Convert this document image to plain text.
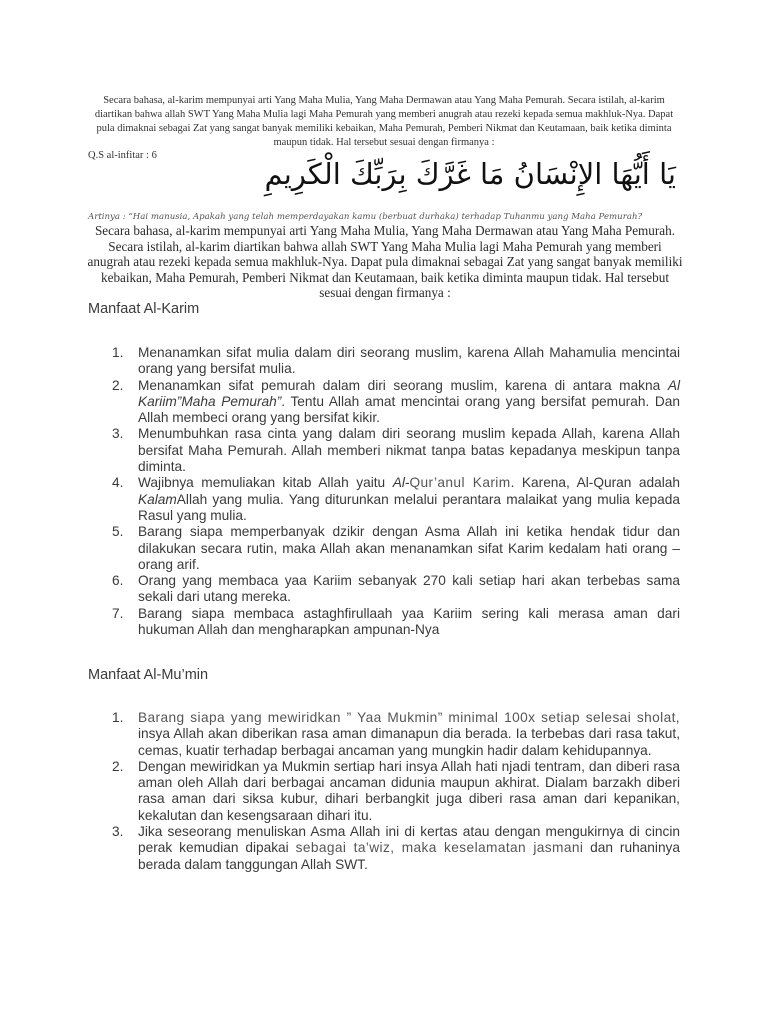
Secara bahasa, al-karim mempunyai arti Yang Maha Mulia, Yang Maha Dermawan atau Yang Maha Pemurah. Secara istilah, al-karim diartikan bahwa allah SWT Yang Maha Mulia lagi Maha Pemurah yang memberi anugrah atau rezeki kepada semua makhluk-Nya. Dapat pula dimaknai sebagai Zat yang sangat banyak memiliki kebaikan, Maha Pemurah, Pemberi Nikmat dan Keutamaan, baik ketika diminta maupun tidak. Hal tersebut sesuai dengan firmanya :
Q.S al-infitar : 6
يَا أَيُّهَا الإِنْسَانُ مَا غَرَّكَ بِرَبِّكَ الْكَرِيمِ
Artinya : “Hai manusia, Apakah yang telah memperdayakan kamu (berbuat durhaka) terhadap Tuhanmu yang Maha Pemurah?
Secara bahasa, al-karim mempunyai arti Yang Maha Mulia, Yang Maha Dermawan atau Yang Maha Pemurah. Secara istilah, al-karim diartikan bahwa allah SWT Yang Maha Mulia lagi Maha Pemurah yang memberi anugrah atau rezeki kepada semua makhluk-Nya. Dapat pula dimaknai sebagai Zat yang sangat banyak memiliki kebaikan, Maha Pemurah, Pemberi Nikmat dan Keutamaan, baik ketika diminta maupun tidak. Hal tersebut sesuai dengan firmanya :
Manfaat Al-Karim
1.	Menanamkan sifat mulia dalam diri seorang muslim, karena Allah Mahamulia mencintai orang yang bersifat mulia.
2.	Menanamkan sifat pemurah dalam diri seorang muslim, karena di antara makna Al Kariim”Maha Pemurah”. Tentu Allah amat mencintai orang yang bersifat pemurah. Dan Allah membeci orang yang bersifat kikir.
3.	Menumbuhkan rasa cinta yang dalam diri seorang muslim kepada Allah, karena Allah bersifat Maha Pemurah. Allah memberi nikmat tanpa batas kepadanya meskipun tanpa diminta.
4.	Wajibnya memuliakan kitab Allah yaitu Al-Qur’anul Karim. Karena, Al-Quran adalah KalamAllah yang mulia. Yang diturunkan melalui perantara malaikat yang mulia kepada Rasul yang mulia.
5.	Barang siapa memperbanyak dzikir dengan Asma Allah ini ketika hendak tidur dan dilakukan secara rutin, maka Allah akan menanamkan sifat Karim kedalam hati orang – orang arif.
6.	Orang yang membaca yaa Kariim sebanyak 270 kali setiap hari akan terbebas sama sekali dari utang mereka.
7.	Barang siapa membaca astaghfirullaah yaa Kariim sering kali merasa aman dari hukuman Allah dan mengharapkan ampunan-Nya
Manfaat Al-Mu’min
1.	Barang siapa yang mewiridkan ” Yaa Mukmin” minimal 100x setiap selesai sholat, insya Allah akan diberikan rasa aman dimanapun dia berada. Ia terbebas dari rasa takut, cemas, kuatir terhadap berbagai ancaman yang mungkin hadir dalam kehidupannya.
2.	Dengan mewiridkan ya Mukmin sertiap hari insya Allah hati njadi tentram, dan diberi rasa aman oleh Allah dari berbagai ancaman didunia maupun akhirat. Dialam barzakh diberi rasa aman dari siksa kubur, dihari berbangkit juga diberi rasa aman dari kepanikan, kekalutan dan kesengsaraan dihari itu.
3.	Jika seseorang menuliskan Asma Allah ini di kertas atau dengan mengukirnya di cincin perak kemudian dipakai sebagai ta’wiz, maka keselamatan jasmani dan ruhaninya berada dalam tanggungan Allah SWT.
